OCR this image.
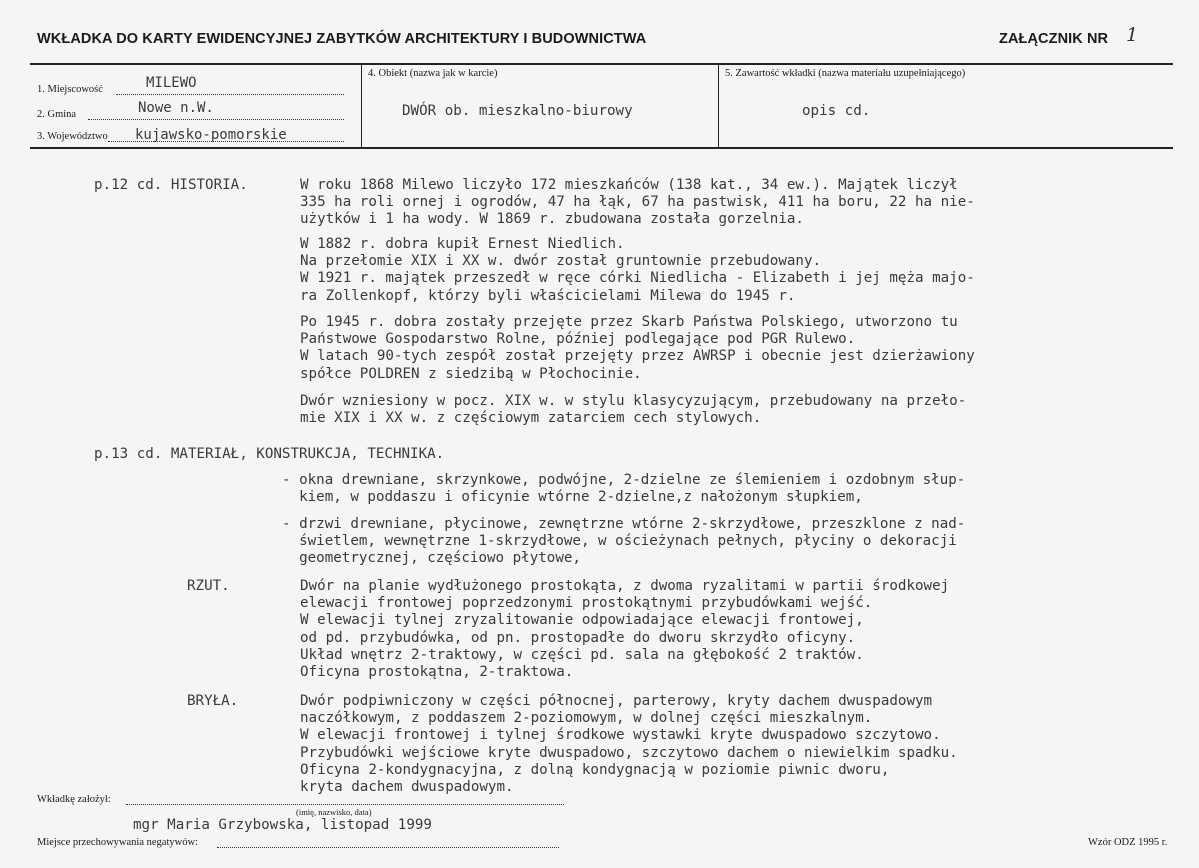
WKŁADKA DO KARTY EWIDENCYJNEJ ZABYTKÓW ARCHITEKTURY I BUDOWNICTWA	ZAŁĄCZNIK NR 1
1. Miejscowość	MILEWO
2. Gmina	Nowe n.W.
3. Województwo kujawsko-pomorskie
4. Obiekt (nazwa jak w karcie)
DWÓR ob. mieszkalno-biurowy
5. Zawartość wkładki (nazwa materiału uzupełniającego)
opis cd.
p.12 cd. HISTORIA.	W roku 1868 Milewo liczyło 172 mieszkańców (138 kat., 34 ew.). Majątek liczył
335 ha roli ornej i ogrodów, 47 ha łąk, 67 ha pastwisk, 411 ha boru, 22 ha nie-
użytków i 1 ha wody. W 1869 r. zbudowana została gorzelnia.
W 1882 r. dobra kupił Ernest Niedlich.
Na przełomie XIX i XX w. dwór został gruntownie przebudowany.
W 1921 r. majątek przeszedł w ręce córki Niedlicha - Elizabeth i jej męża majo-
ra Zollenkopf, którzy byli właścicielami Milewa do 1945 r.
Po 1945 r. dobra zostały przejęte przez Skarb Państwa Polskiego, utworzono tu
Państwowe Gospodarstwo Rolne, później podlegające pod PGR Rulewo.
W latach 90-tych zespół został przejęty przez AWRSP i obecnie jest dzierżawiony
spółce POLDREN z siedzibą w Płochocinie.
Dwór wzniesiony w pocz. XIX w. w stylu klasycyzującym, przebudowany na przeło-
mie XIX i XX w. z częściowym zatarciem cech stylowych.
p.13 cd. MATERIAŁ, KONSTRUKCJA, TECHNIKA.
- okna drewniane, skrzynkowe, podwójne, 2-dzielne ze ślemieniem i ozdobnym słup-
kiem, w poddaszu i oficynie wtórne 2-dzielne,z nałożonym słupkiem,
- drzwi drewniane, płycinowe, zewnętrzne wtórne 2-skrzydłowe, przeszklone z nad-
świetlem, wewnętrzne 1-skrzydłowe, w ościeżynach pełnych, płyciny o dekoracji
geometrycznej, częściowo płytowe,
RZUT.	Dwór na planie wydłużonego prostokąta, z dwoma ryzalitami w partii środkowej
elewacji frontowej poprzedzonymi prostokątnymi przybudówkami wejść.
W elewacji tylnej zryzalitowanie odpowiadające elewacji frontowej,
od pd. przybudówka, od pn. prostopadłe do dworu skrzydło oficyny.
Układ wnętrz 2-traktowy, w części pd. sala na głębokość 2 traktów.
Oficyna prostokątna, 2-traktowa.
BRYŁA.	Dwór podpiwniczony w części północnej, parterowy, kryty dachem dwuspadowym
naczółkowym, z poddaszem 2-poziomowym, w dolnej części mieszkalnym.
W elewacji frontowej i tylnej środkowe wystawki kryte dwuspadowo szczytowo.
Przybudówki wejściowe kryte dwuspadowo, szczytowo dachem o niewielkim spadku.
Oficyna 2-kondygnacyjna, z dolną kondygnacją w poziomie piwnic dworu,
kryta dachem dwuspadowym.
Wkładkę założył:
(imię, nazwisko, data)
mgr Maria Grzybowska, listopad 1999
Miejsce przechowywania negatywów:	Wzór ODZ 1995 r.
